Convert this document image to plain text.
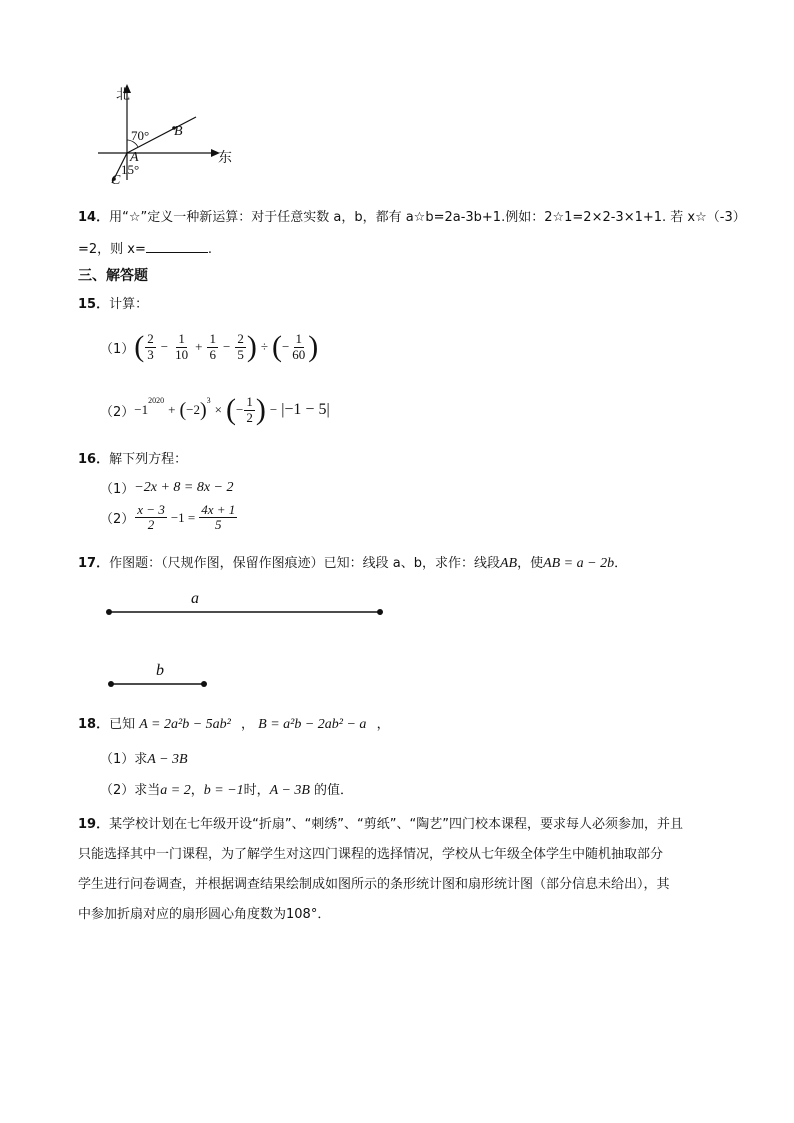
北
东
70° B
A
15°
C
14．用“☆”定义一种新运算：对于任意实数 a，b，都有 a☆b=2a-3b+1.例如：2☆1=2×2-3×1+1. 若 x☆（-3）
=2，则 x=	.
三、解答题
15．计算：
（1） ( $\frac{2}{3} - \frac{1}{10} + \frac{1}{6} - \frac{2}{5}$ ) ÷ ( − $\frac{1}{60}$ )
（2） −1
$^{2020}$
+ ( −2 )$^3$
× ( − $\frac{1}{2}$ ) − |−1 − 5|
16．解下列方程：
（1） −2x + 8 = 8x − 2
$(2) \frac{x - 3}{2} -1 = \frac{4x + 1}{5}$
17．作图题：（尺规作图，保留作图痕迹）已知：线段 a、b，求作：线段AB，使AB = a − 2b．
a
b
18．已知 A = 2a²b − 5ab² ， B = a²b − 2ab² − a ，
（1）求A − 3B
（2）求当a = 2，b = −1时，A − 3B 的值．
19．某学校计划在七年级开设“折扇”、“刺绣”、“剪纸”、“陶艺”四门校本课程，要求每人必须参加，并且
只能选择其中一门课程，为了解学生对这四门课程的选择情况，学校从七年级全体学生中随机抽取部分
学生进行问卷调查，并根据调查结果绘制成如图所示的条形统计图和扇形统计图（部分信息未给出），其
中参加折扇对应的扇形圆心角度数为108°．
